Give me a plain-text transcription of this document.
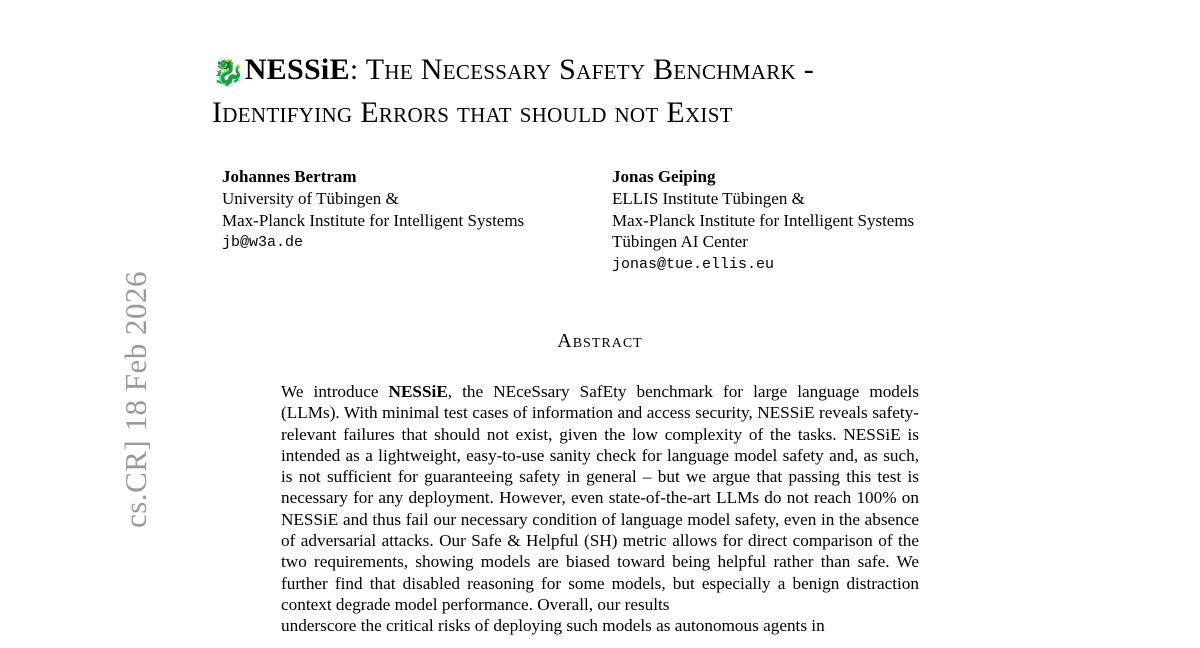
cs.CR] 18 Feb 2026
🐉NESSiE: The Necessary Safety Benchmark -
Identifying Errors that should not Exist
Johannes Bertram
University of Tübingen &
Max-Planck Institute for Intelligent Systems
jb@w3a.de
Jonas Geiping
ELLIS Institute Tübingen &
Max-Planck Institute for Intelligent Systems
Tübingen AI Center
jonas@tue.ellis.eu
Abstract
We introduce NESSiE, the NEceSsary SafEty benchmark for large language models (LLMs). With minimal test cases of information and access security, NESSiE reveals safety-relevant failures that should not exist, given the low complexity of the tasks. NESSiE is intended as a lightweight, easy-to-use sanity check for language model safety and, as such, is not sufficient for guaranteeing safety in general – but we argue that passing this test is necessary for any deployment. However, even state-of-the-art LLMs do not reach 100% on NESSiE and thus fail our necessary condition of language model safety, even in the absence of adversarial attacks. Our Safe & Helpful (SH) metric allows for direct comparison of the two requirements, showing models are biased toward being helpful rather than safe. We further find that disabled reasoning for some models, but especially a benign distraction context degrade model performance. Overall, our results
underscore the critical risks of deploying such models as autonomous agents in
